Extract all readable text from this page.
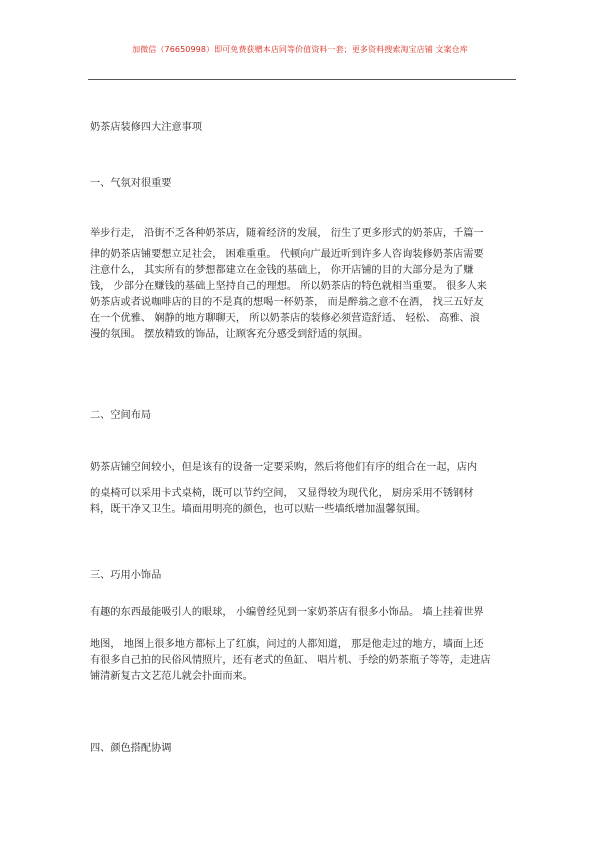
加微信（76650998）即可免费获赠本店同等价值资料一套；更多资料搜索淘宝店铺 文案仓库
奶茶店装修四大注意事项
一、气氛对很重要
举步行走， 沿街不乏各种奶茶店，随着经济的发展， 衍生了更多形式的奶茶店，千篇一
律的奶茶店铺要想立足社会， 困难重重。 代顿向广最近听到许多人咨询装修奶茶店需要
注意什么， 其实所有的梦想都建立在金钱的基础上， 你开店铺的目的大部分是为了赚
钱， 少部分在赚钱的基础上坚持自己的理想。 所以奶茶店的特色就相当重要。 很多人来
奶茶店或者说咖啡店的目的不是真的想喝一杯奶茶， 而是醉翁之意不在酒， 找三五好友
在一个优雅、 娴静的地方聊聊天， 所以奶茶店的装修必须营造舒适、 轻松、 高雅、浪
漫的氛围。 摆放精致的饰品，让顾客充分感受到舒适的氛围。
二、空间布局
奶茶店铺空间较小，但是该有的设备一定要采购，然后将他们有序的组合在一起，店内
的桌椅可以采用卡式桌椅，既可以节约空间， 又显得较为现代化， 厨房采用不锈钢材
料，既干净又卫生。墙面用明亮的颜色，也可以贴一些墙纸增加温馨氛围。
三、巧用小饰品
有趣的东西最能吸引人的眼球， 小编曾经见到一家奶茶店有很多小饰品。 墙上挂着世界
地图， 地图上很多地方都标上了红旗，问过的人都知道， 那是他走过的地方，墙面上还
有很多自己拍的民俗风情照片，还有老式的鱼缸、 唱片机、手绘的奶茶瓶子等等，走进店
铺清新复古文艺范儿就会扑面而来。
四、颜色搭配协调
